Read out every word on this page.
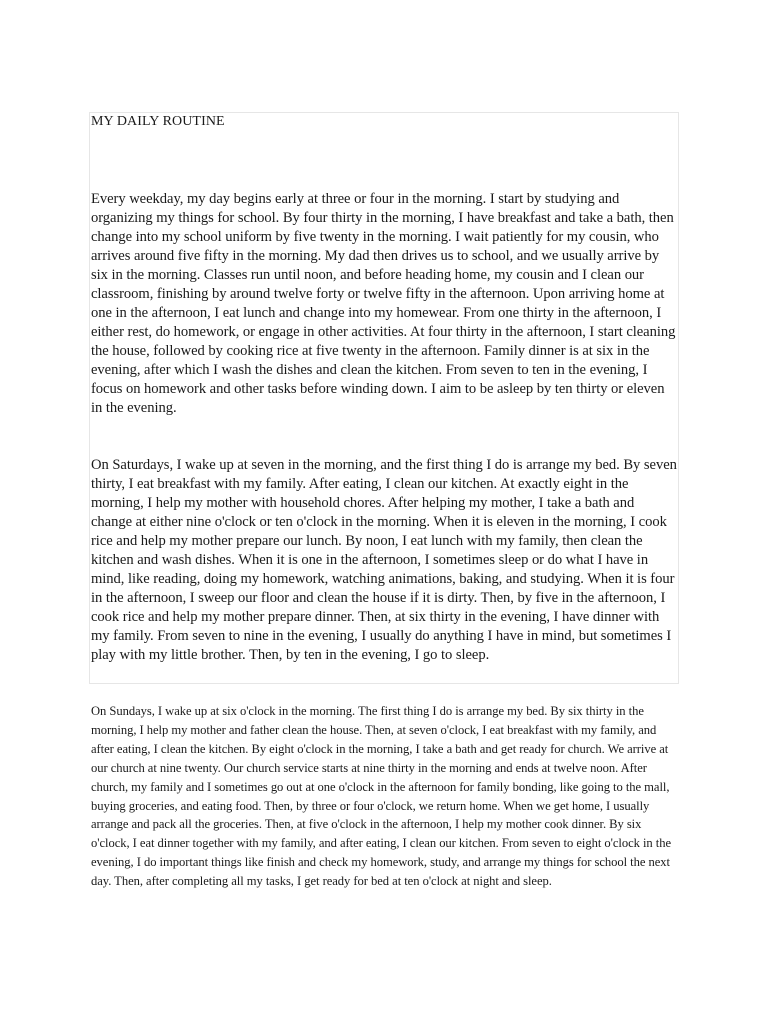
MY DAILY ROUTINE

Every weekday, my day begins early at three or four in the morning. I start by studying and organizing my things for school. By four thirty in the morning, I have breakfast and take a bath, then change into my school uniform by five twenty in the morning. I wait patiently for my cousin, who arrives around five fifty in the morning. My dad then drives us to school, and we usually arrive by six in the morning. Classes run until noon, and before heading home, my cousin and I clean our classroom, finishing by around twelve forty or twelve fifty in the afternoon. Upon arriving home at one in the afternoon, I eat lunch and change into my homewear. From one thirty in the afternoon, I either rest, do homework, or engage in other activities. At four thirty in the afternoon, I start cleaning the house, followed by cooking rice at five twenty in the afternoon. Family dinner is at six in the evening, after which I wash the dishes and clean the kitchen. From seven to ten in the evening, I focus on homework and other tasks before winding down. I aim to be asleep by ten thirty or eleven in the evening.

On Saturdays, I wake up at seven in the morning, and the first thing I do is arrange my bed. By seven thirty, I eat breakfast with my family. After eating, I clean our kitchen. At exactly eight in the morning, I help my mother with household chores. After helping my mother, I take a bath and change at either nine o'clock or ten o'clock in the morning. When it is eleven in the morning, I cook rice and help my mother prepare our lunch. By noon, I eat lunch with my family, then clean the kitchen and wash dishes. When it is one in the afternoon, I sometimes sleep or do what I have in mind, like reading, doing my homework, watching animations, baking, and studying. When it is four in the afternoon, I sweep our floor and clean the house if it is dirty. Then, by five in the afternoon, I cook rice and help my mother prepare dinner. Then, at six thirty in the evening, I have dinner with my family. From seven to nine in the evening, I usually do anything I have in mind, but sometimes I play with my little brother. Then, by ten in the evening, I go to sleep.

On Sundays, I wake up at six o'clock in the morning. The first thing I do is arrange my bed. By six thirty in the morning, I help my mother and father clean the house. Then, at seven o'clock, I eat breakfast with my family, and after eating, I clean the kitchen. By eight o'clock in the morning, I take a bath and get ready for church. We arrive at our church at nine twenty. Our church service starts at nine thirty in the morning and ends at twelve noon. After church, my family and I sometimes go out at one o'clock in the afternoon for family bonding, like going to the mall, buying groceries, and eating food. Then, by three or four o'clock, we return home. When we get home, I usually arrange and pack all the groceries. Then, at five o'clock in the afternoon, I help my mother cook dinner. By six o'clock, I eat dinner together with my family, and after eating, I clean our kitchen. From seven to eight o'clock in the evening, I do important things like finish and check my homework, study, and arrange my things for school the next day. Then, after completing all my tasks, I get ready for bed at ten o'clock at night and sleep.
